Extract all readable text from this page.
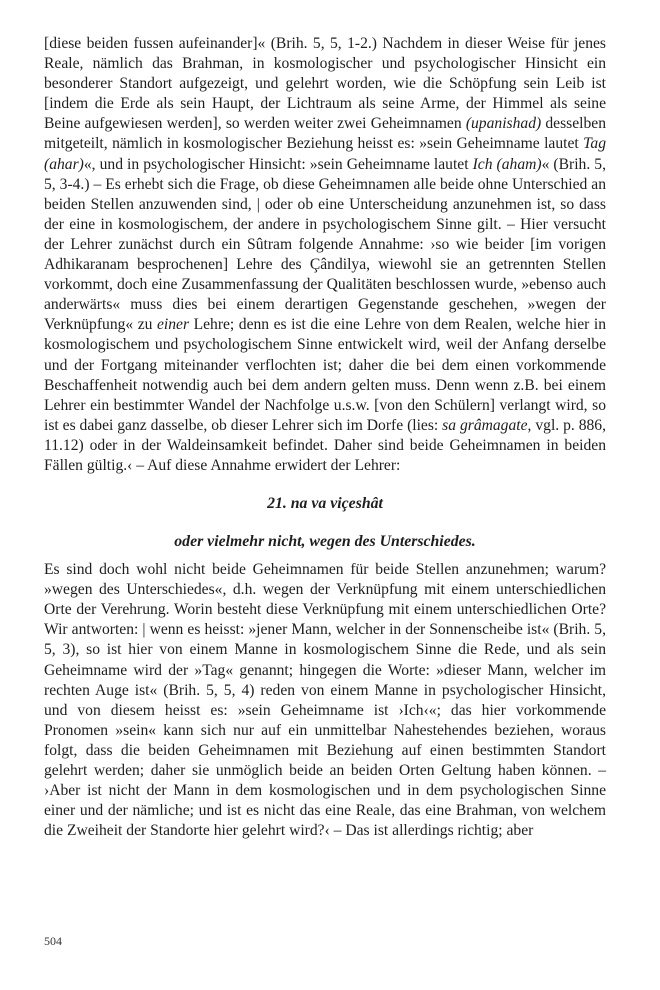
[diese beiden fussen aufeinander]« (Brih. 5, 5, 1-2.) Nachdem in dieser Weise für jenes Reale, nämlich das Brahman, in kosmologischer und psychologischer Hinsicht ein besonderer Standort aufgezeigt, und gelehrt worden, wie die Schöpfung sein Leib ist [indem die Erde als sein Haupt, der Lichtraum als seine Arme, der Himmel als seine Beine aufgewiesen werden], so werden weiter zwei Geheimnamen (upanishad) desselben mitgeteilt, nämlich in kosmologischer Beziehung heisst es: »sein Geheimname lautet Tag (ahar)«, und in psychologischer Hinsicht: »sein Geheimname lautet Ich (aham)« (Brih. 5, 5, 3-4.) – Es erhebt sich die Frage, ob diese Geheimnamen alle beide ohne Unterschied an beiden Stellen anzuwenden sind, | oder ob eine Unterscheidung anzunehmen ist, so dass der eine in kosmologischem, der andere in psychologischem Sinne gilt. – Hier versucht der Lehrer zunächst durch ein Sûtram folgende Annahme: ›so wie beider [im vorigen Adhikaranam besprochenen] Lehre des Çândilya, wiewohl sie an getrennten Stellen vorkommt, doch eine Zusammenfassung der Qualitäten beschlossen wurde, »ebenso auch anderwärts« muss dies bei einem derartigen Gegenstande geschehen, »wegen der Verknüpfung« zu einer Lehre; denn es ist die eine Lehre von dem Realen, welche hier in kosmologischem und psychologischem Sinne entwickelt wird, weil der Anfang derselbe und der Fortgang miteinander verflochten ist; daher die bei dem einen vorkommende Beschaffenheit notwendig auch bei dem andern gelten muss. Denn wenn z.B. bei einem Lehrer ein bestimmter Wandel der Nachfolge u.s.w. [von den Schülern] verlangt wird, so ist es dabei ganz dasselbe, ob dieser Lehrer sich im Dorfe (lies: sa grâmagate, vgl. p. 886, 11.12) oder in der Waldeinsamkeit befindet. Daher sind beide Geheimnamen in beiden Fällen gültig.‹ – Auf diese Annahme erwidert der Lehrer:

21. na va viçeshât
oder vielmehr nicht, wegen des Unterschiedes.

Es sind doch wohl nicht beide Geheimnamen für beide Stellen anzunehmen; warum? »wegen des Unterschiedes«, d.h. wegen der Verknüpfung mit einem unterschiedlichen Orte der Verehrung. Worin besteht diese Verknüpfung mit einem unterschiedlichen Orte? Wir antworten: | wenn es heisst: »jener Mann, welcher in der Sonnenscheibe ist« (Brih. 5, 5, 3), so ist hier von einem Manne in kosmologischem Sinne die Rede, und als sein Geheimname wird der »Tag« genannt; hingegen die Worte: »dieser Mann, welcher im rechten Auge ist« (Brih. 5, 5, 4) reden von einem Manne in psychologischer Hinsicht, und von diesem heisst es: »sein Geheimname ist ›Ich‹«; das hier vorkommende Pronomen »sein« kann sich nur auf ein unmittelbar Nahestehendes beziehen, woraus folgt, dass die beiden Geheimnamen mit Beziehung auf einen bestimmten Standort gelehrt werden; daher sie unmöglich beide an beiden Orten Geltung haben können. – ›Aber ist nicht der Mann in dem kosmologischen und in dem psychologischen Sinne einer und der nämliche; und ist es nicht das eine Reale, das eine Brahman, von welchem die Zweiheit der Standorte hier gelehrt wird?‹ – Das ist allerdings richtig; aber

504
